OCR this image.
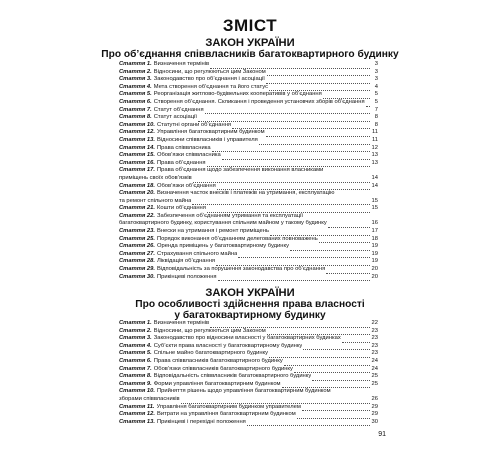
ЗМІСТ
ЗАКОН УКРАЇНИ
Про об’єднання співвласників багатоквартирного будинку
Стаття 1. Визначення термінів	3
Стаття 2. Відносини, що регулюються цим Законом	3
Стаття 3. Законодавство про об’єднання і асоціації	3
Стаття 4. Мета створення об’єднання та його статус	4
Стаття 5. Реорганізація житлово-будівельних кооперативів у об’єднання	5
Стаття 6. Створення об’єднання. Скликання і проведення установчих зборів об’єднання	5
Стаття 7. Статут об’єднання	7
Стаття 8. Статут асоціації	8
Стаття 10. Статутні органи об’єднання	8
Стаття 12. Управління багатоквартирним будинком	11
Стаття 13. Відносини співвласників і управителя	11
Стаття 14. Права співвласника	12
Стаття 15. Обов’язки співвласника	13
Стаття 16. Права об’єднання	13
Стаття 17. Права об’єднання щодо забезпечення виконання власниками
приміщень своїх обов’язків	14
Стаття 18. Обов’язки об’єднання	14
Стаття 20. Визначення часток внесків і платежів на утримання, експлуатацію
та ремонт спільного майна	15
Стаття 21. Кошти об’єднання	15
Стаття 22. Забезпечення об’єднанням утримання та експлуатації
багатоквартирного будинку, користування спільним майном у такому будинку	16
Стаття 23. Внески на утримання і ремонт приміщень	17
Стаття 25. Порядок виконання об’єднанням делегованих повноважень	18
Стаття 26. Оренда приміщень у багатоквартирному будинку	19
Стаття 27. Страхування спільного майна	19
Стаття 28. Ліквідація об’єднання	19
Стаття 29. Відповідальність за порушення законодавства про об’єднання	20
Стаття 30. Прикінцеві положення	20
ЗАКОН УКРАЇНИ
Про особливості здійснення права власності
у багатоквартирному будинку
Стаття 1. Визначення термінів	22
Стаття 2. Відносини, що регулюються цим Законом	23
Стаття 3. Законодавство про відносини власності у багатоквартирних будинках	23
Стаття 4. Суб’єкти права власності у багатоквартирному будинку	23
Стаття 5. Спільне майно багатоквартирного будинку	23
Стаття 6. Права співвласників багатоквартирного будинку	24
Стаття 7. Обов’язки співвласників багатоквартирного будинку	24
Стаття 8. Відповідальність співвласників багатоквартирного будинку	25
Стаття 9. Форми управління багатоквартирним будинком	25
Стаття 10. Прийняття рішень щодо управління багатоквартирним будинком
зборами співвласників	26
Стаття 11. Управління багатоквартирним будинком управителем	29
Стаття 12. Витрати на управління багатоквартирним будинком	29
Стаття 13. Прикінцеві і перехідні положення	30
91
